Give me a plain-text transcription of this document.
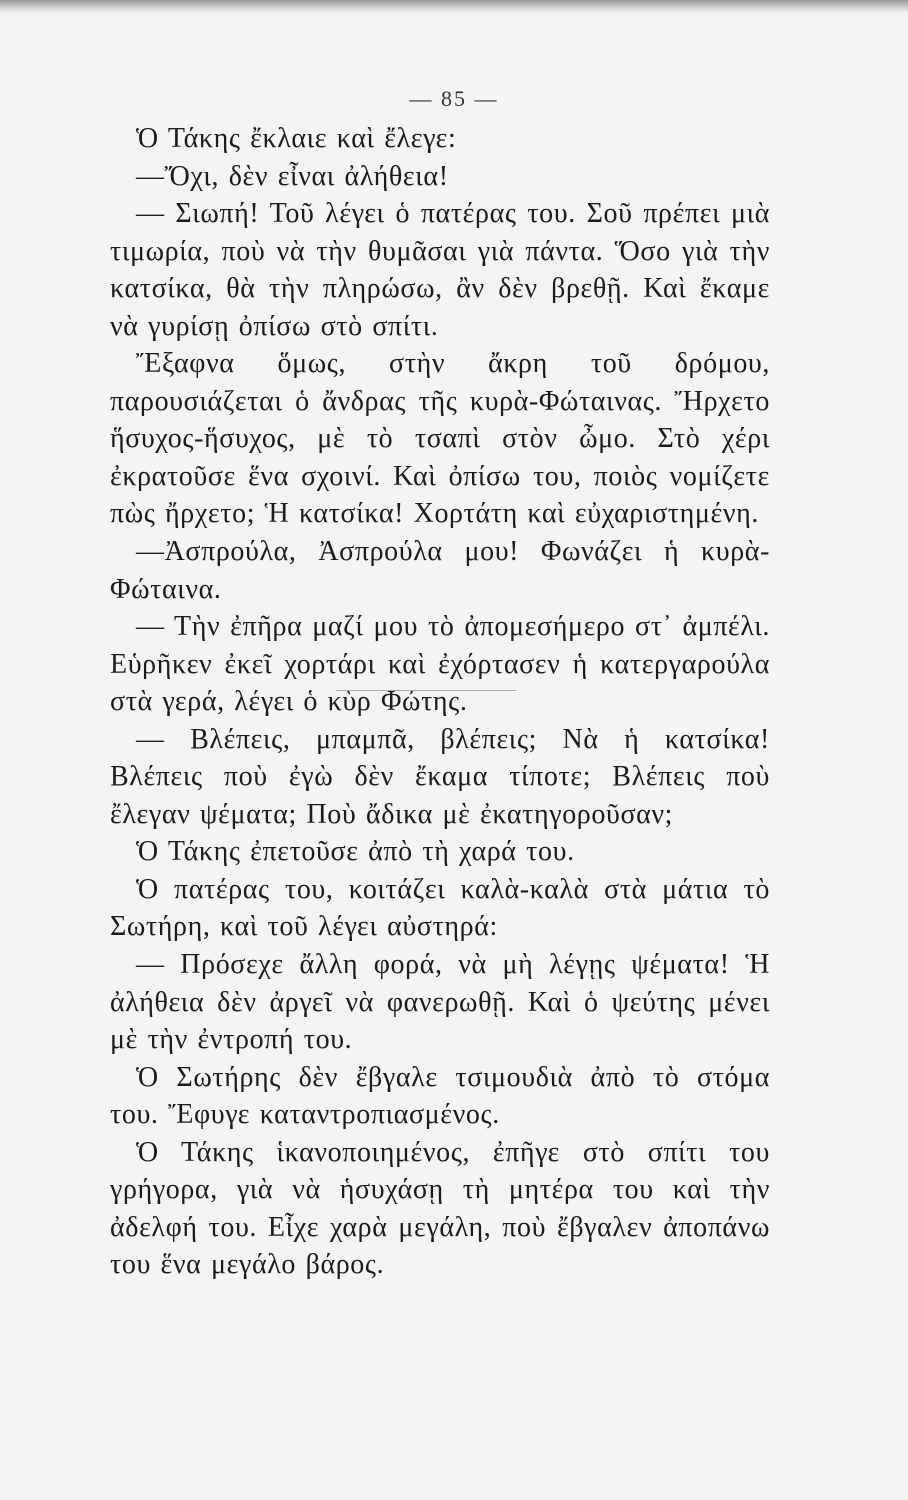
— 85 —

Ὁ Τάκης ἔκλαιε καὶ ἔλεγε:

—Ὄχι, δὲν εἶναι ἀλήθεια!

— Σιωπή! Τοῦ λέγει ὁ πατέρας του. Σοῦ πρέπει μιὰ τιμωρία, ποὺ νὰ τὴν θυμᾶσαι γιὰ πάντα. Ὅσο γιὰ τὴν κατσίκα, θὰ τὴν πληρώσω, ἂν δὲν βρεθῇ. Καὶ ἔκαμε νὰ γυρίσῃ ὀπίσω στὸ σπίτι.

Ἔξαφνα ὅμως, στὴν ἄκρη τοῦ δρόμου, παρουσιάζεται ὁ ἄνδρας τῆς κυρὰ-Φώταινας. Ἤρχετο ἥσυχος-ἥσυχος, μὲ τὸ τσαπὶ στὸν ὦμο. Στὸ χέρι ἐκρατοῦσε ἕνα σχοινί. Καὶ ὀπίσω του, ποιὸς νομίζετε πὼς ἤρχετο; Ἡ κατσίκα! Χορτάτη καὶ εὐχαριστημένη.

—Ἀσπρούλα, Ἀσπρούλα μου! Φωνάζει ἡ κυρὰ-Φώταινα.

— Τὴν ἐπῆρα μαζί μου τὸ ἀπομεσήμερο στ᾽ ἀμπέλι. Εὑρῆκεν ἐκεῖ χορτάρι καὶ ἐχόρτασεν ἡ κατεργαρούλα στὰ γερά, λέγει ὁ κὺρ Φώτης.

— Βλέπεις, μπαμπᾶ, βλέπεις; Νὰ ἡ κατσίκα! Βλέπεις ποὺ ἐγὼ δὲν ἔκαμα τίποτε; Βλέπεις ποὺ ἔλεγαν ψέματα; Ποὺ ἄδικα μὲ ἐκατηγοροῦσαν;

Ὁ Τάκης ἐπετοῦσε ἀπὸ τὴ χαρά του.

Ὁ πατέρας του, κοιτάζει καλὰ-καλὰ στὰ μάτια τὸ Σωτήρη, καὶ τοῦ λέγει αὐστηρά:

— Πρόσεχε ἄλλη φορά, νὰ μὴ λέγῃς ψέματα! Ἡ ἀλήθεια δὲν ἀργεῖ νὰ φανερωθῇ. Καὶ ὁ ψεύτης μένει μὲ τὴν ἐντροπή του.

Ὁ Σωτήρης δὲν ἔβγαλε τσιμουδιὰ ἀπὸ τὸ στόμα του. Ἔφυγε καταντροπιασμένος.

Ὁ Τάκης ἱκανοποιημένος, ἐπῆγε στὸ σπίτι του γρήγορα, γιὰ νὰ ἡσυχάσῃ τὴ μητέρα του καὶ τὴν ἀδελφή του. Εἶχε χαρὰ μεγάλη, ποὺ ἔβγαλεν ἀποπάνω του ἕνα μεγάλο βάρος.
